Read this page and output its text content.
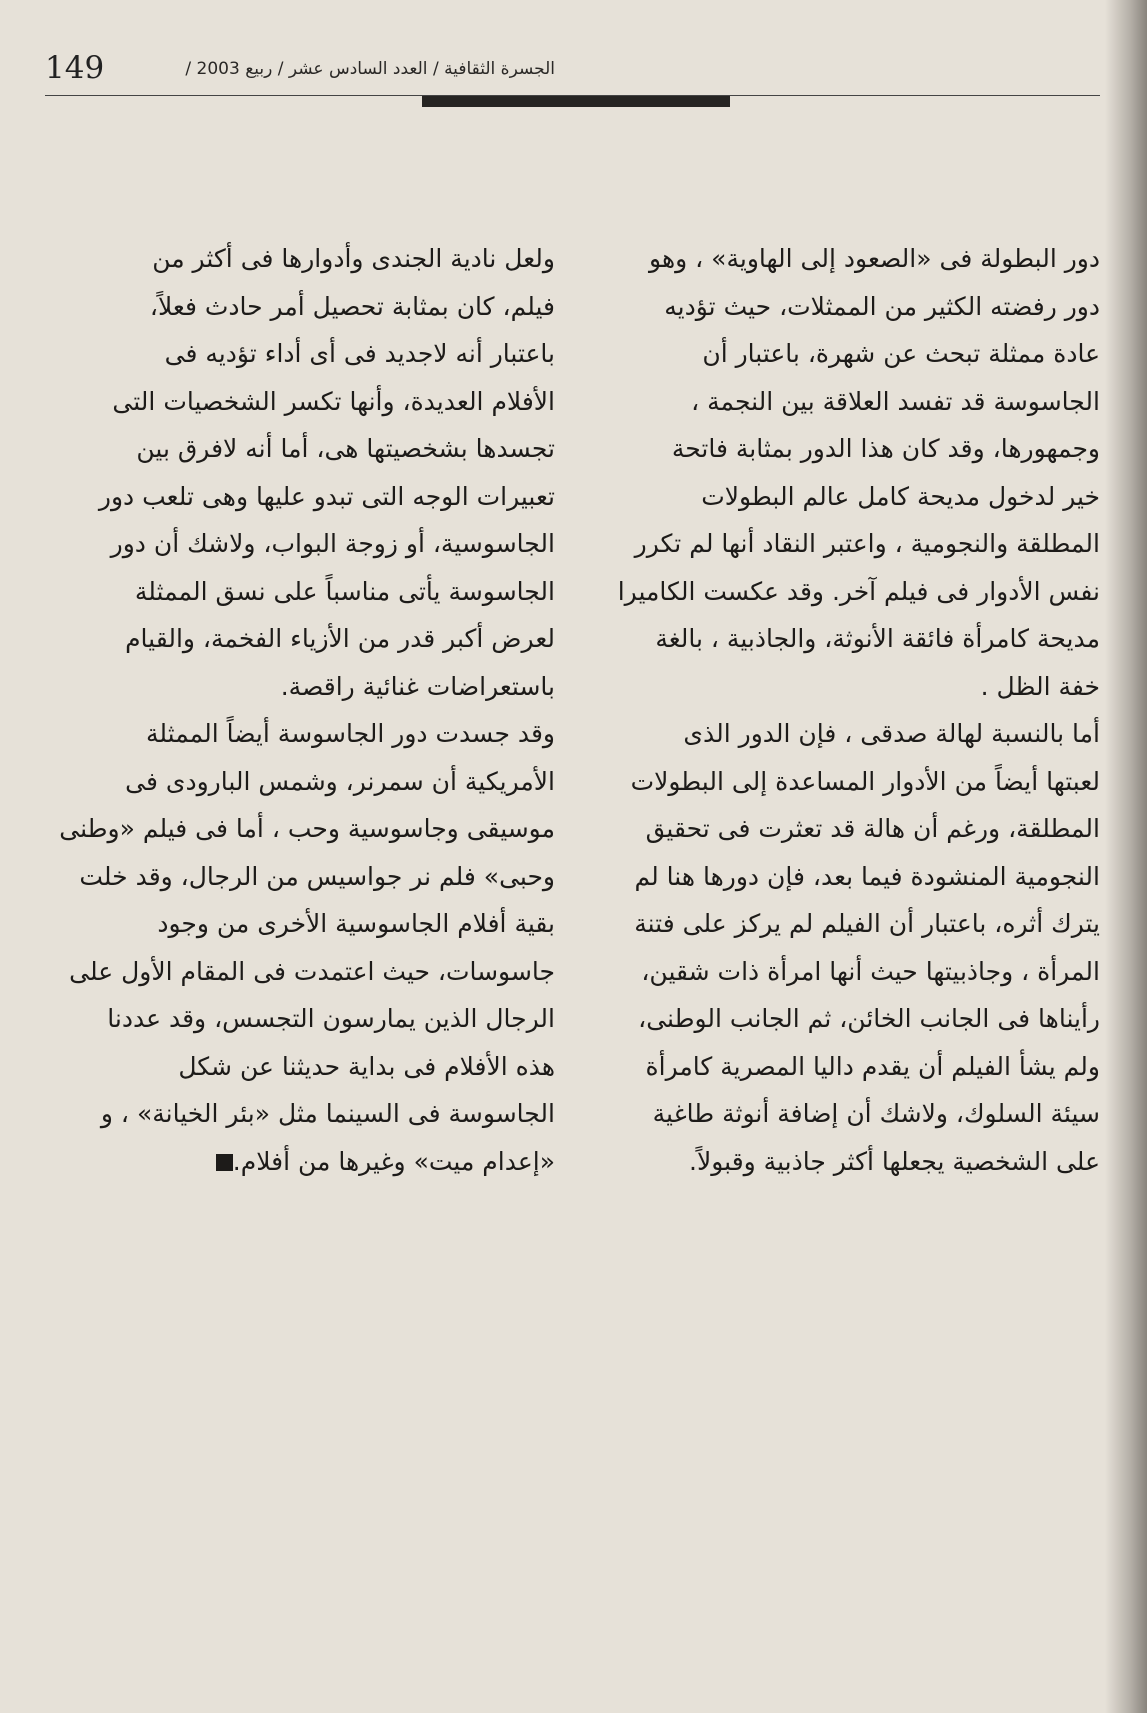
149	الجسرة الثقافية / العدد السادس عشر / ربيع 2003 /
دور البطولة فى «الصعود إلى الهاوية» ، وهو
دور رفضته الكثير من الممثلات، حيث تؤديه
عادة ممثلة تبحث عن شهرة، باعتبار أن
الجاسوسة قد تفسد العلاقة بين النجمة ،
وجمهورها، وقد كان هذا الدور بمثابة فاتحة
خير لدخول مديحة كامل عالم البطولات
المطلقة والنجومية ، واعتبر النقاد أنها لم تكرر
نفس الأدوار فى فيلم آخر. وقد عكست الكاميرا
مديحة كامرأة فائقة الأنوثة، والجاذبية ، بالغة
خفة الظل .
أما بالنسبة لهالة صدقى ، فإن الدور الذى
لعبتها أيضاً من الأدوار المساعدة إلى البطولات
المطلقة، ورغم أن هالة قد تعثرت فى تحقيق
النجومية المنشودة فيما بعد، فإن دورها هنا لم
يترك أثره، باعتبار أن الفيلم لم يركز على فتنة
المرأة ، وجاذبيتها حيث أنها امرأة ذات شقين،
رأيناها فى الجانب الخائن، ثم الجانب الوطنى،
ولم يشأ الفيلم أن يقدم داليا المصرية كامرأة
سيئة السلوك، ولاشك أن إضافة أنوثة طاغية
على الشخصية يجعلها أكثر جاذبية وقبولاً.
ولعل نادية الجندى وأدوارها فى أكثر من
فيلم، كان بمثابة تحصيل أمر حادث فعلاً،
باعتبار أنه لاجديد فى أى أداء تؤديه فى
الأفلام العديدة، وأنها تكسر الشخصيات التى
تجسدها بشخصيتها هى، أما أنه لافرق بين
تعبيرات الوجه التى تبدو عليها وهى تلعب دور
الجاسوسية، أو زوجة البواب، ولاشك أن دور
الجاسوسة يأتى مناسباً على نسق الممثلة
لعرض أكبر قدر من الأزياء الفخمة، والقيام
باستعراضات غنائية راقصة.
وقد جسدت دور الجاسوسة أيضاً الممثلة
الأمريكية أن سمرنر، وشمس البارودى فى
موسيقى وجاسوسية وحب ، أما فى فيلم «وطنى
وحبى» فلم نر جواسيس من الرجال، وقد خلت
بقية أفلام الجاسوسية الأخرى من وجود
جاسوسات، حيث اعتمدت فى المقام الأول على
الرجال الذين يمارسون التجسس، وقد عددنا
هذه الأفلام فى بداية حديثنا عن شكل
الجاسوسة فى السينما مثل «بئر الخيانة» ، و
«إعدام ميت» وغيرها من أفلام.
